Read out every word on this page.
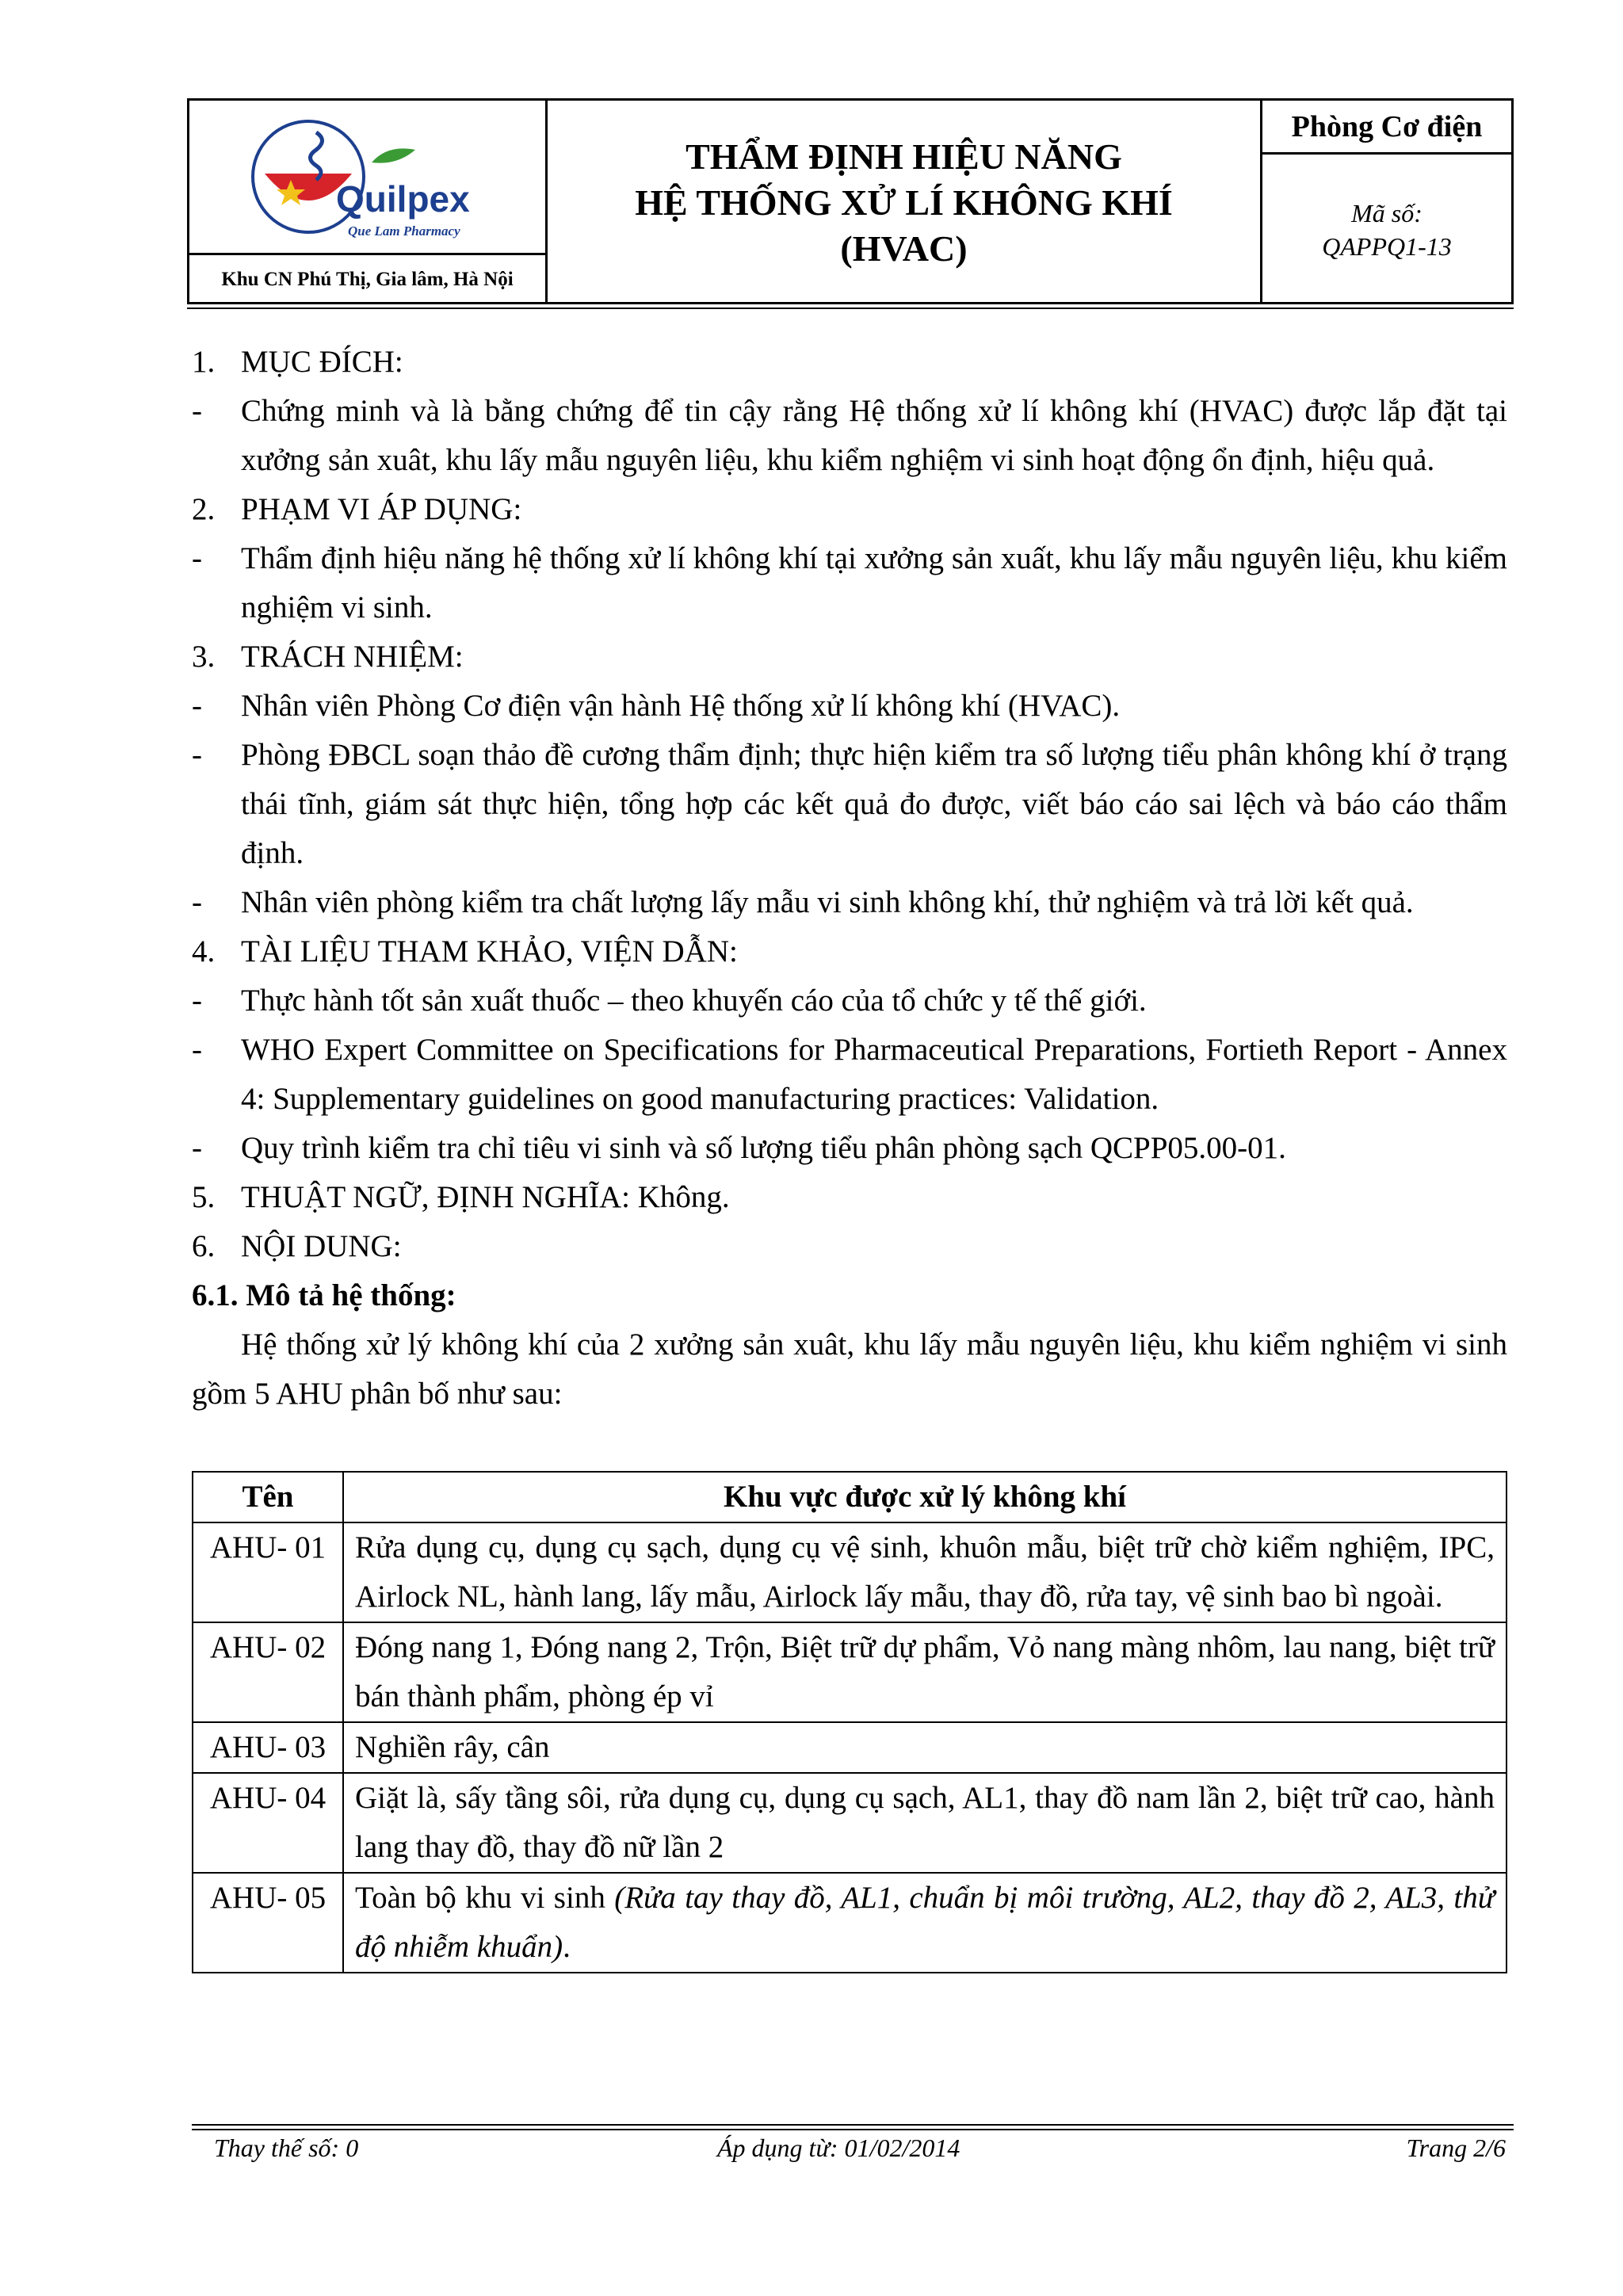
Quilpex
Que Lam Pharmacy
Khu CN Phú Thị, Gia lâm, Hà Nội
THẨM ĐỊNH HIỆU NĂNG
HỆ THỐNG XỬ LÍ KHÔNG KHÍ
(HVAC)
Phòng Cơ điện
Mã số:
QAPPQ1-13
1. MỤC ĐÍCH:
-	Chứng minh và là bằng chứng để tin cậy rằng Hệ thống xử lí không khí (HVAC) được lắp đặt tại xưởng sản xuât, khu lấy mẫu nguyên liệu, khu kiểm nghiệm vi sinh hoạt động ổn định, hiệu quả.
2. PHẠM VI ÁP DỤNG:
-	Thẩm định hiệu năng hệ thống xử lí không khí tại xưởng sản xuất, khu lấy mẫu nguyên liệu, khu kiểm nghiệm vi sinh.
3. TRÁCH NHIỆM:
-	Nhân viên Phòng Cơ điện vận hành Hệ thống xử lí không khí (HVAC).
-	Phòng ĐBCL soạn thảo đề cương thẩm định; thực hiện kiểm tra số lượng tiểu phân không khí ở trạng thái tĩnh, giám sát thực hiện, tổng hợp các kết quả đo được, viết báo cáo sai lệch và báo cáo thẩm định.
-	Nhân viên phòng kiểm tra chất lượng lấy mẫu vi sinh không khí, thử nghiệm và trả lời kết quả.
4. TÀI LIỆU THAM KHẢO, VIỆN DẪN:
-	Thực hành tốt sản xuất thuốc – theo khuyến cáo của tổ chức y tế thế giới.
-	WHO Expert Committee on Specifications for Pharmaceutical Preparations, Fortieth Report - Annex 4: Supplementary guidelines on good manufacturing practices: Validation.
-	Quy trình kiểm tra chỉ tiêu vi sinh và số lượng tiểu phân phòng sạch QCPP05.00-01.
5. THUẬT NGỮ, ĐỊNH NGHĨA: Không.
6. NỘI DUNG:
6.1. Mô tả hệ thống:
Hệ thống xử lý không khí của 2 xưởng sản xuât, khu lấy mẫu nguyên liệu, khu kiểm nghiệm vi sinh gồm 5 AHU phân bố như sau:
Tên	Khu vực được xử lý không khí
AHU- 01	Rửa dụng cụ, dụng cụ sạch, dụng cụ vệ sinh, khuôn mẫu, biệt trữ chờ kiểm nghiệm, IPC, Airlock NL, hành lang, lấy mẫu, Airlock lấy mẫu, thay đồ, rửa tay, vệ sinh bao bì ngoài.
AHU- 02	Đóng nang 1, Đóng nang 2, Trộn, Biệt trữ dự phẩm, Vỏ nang màng nhôm, lau nang, biệt trữ bán thành phẩm, phòng ép vỉ
AHU- 03	Nghiền rây, cân
AHU- 04	Giặt là, sấy tầng sôi, rửa dụng cụ, dụng cụ sạch, AL1, thay đồ nam lần 2, biệt trữ cao, hành lang thay đồ, thay đồ nữ lần 2
AHU- 05	Toàn bộ khu vi sinh (Rửa tay thay đồ, AL1, chuẩn bị môi trường, AL2, thay đồ 2, AL3, thử độ nhiễm khuẩn).
Thay thế số: 0	Áp dụng từ: 01/02/2014	Trang 2/6
